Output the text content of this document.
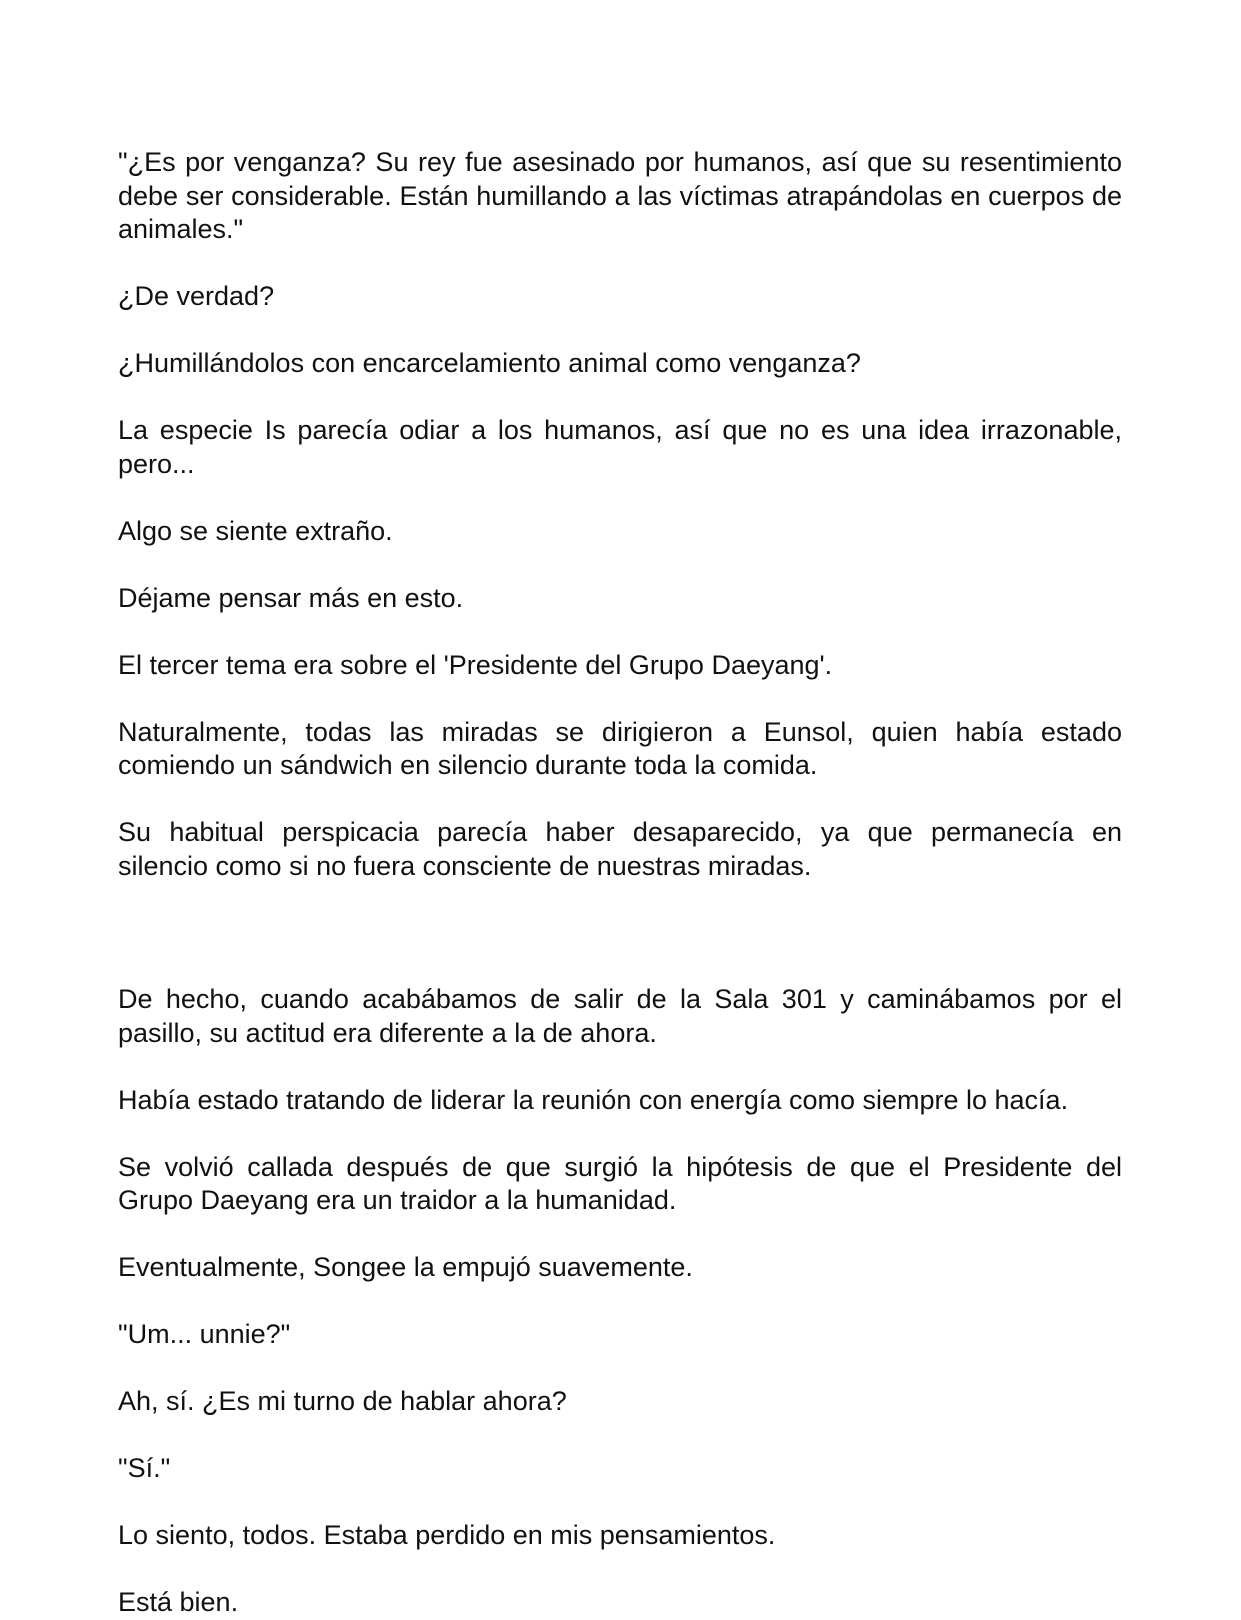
"¿Es por venganza? Su rey fue asesinado por humanos, así que su resentimiento debe ser considerable. Están humillando a las víctimas atrapándolas en cuerpos de animales."

¿De verdad?

¿Humillándolos con encarcelamiento animal como venganza?

La especie Is parecía odiar a los humanos, así que no es una idea irrazonable, pero...

Algo se siente extraño.

Déjame pensar más en esto.

El tercer tema era sobre el 'Presidente del Grupo Daeyang'.

Naturalmente, todas las miradas se dirigieron a Eunsol, quien había estado comiendo un sándwich en silencio durante toda la comida.

Su habitual perspicacia parecía haber desaparecido, ya que permanecía en silencio como si no fuera consciente de nuestras miradas.

De hecho, cuando acabábamos de salir de la Sala 301 y caminábamos por el pasillo, su actitud era diferente a la de ahora.

Había estado tratando de liderar la reunión con energía como siempre lo hacía.

Se volvió callada después de que surgió la hipótesis de que el Presidente del Grupo Daeyang era un traidor a la humanidad.

Eventualmente, Songee la empujó suavemente.

"Um... unnie?"

Ah, sí. ¿Es mi turno de hablar ahora?

"Sí."

Lo siento, todos. Estaba perdido en mis pensamientos.

Está bien.
